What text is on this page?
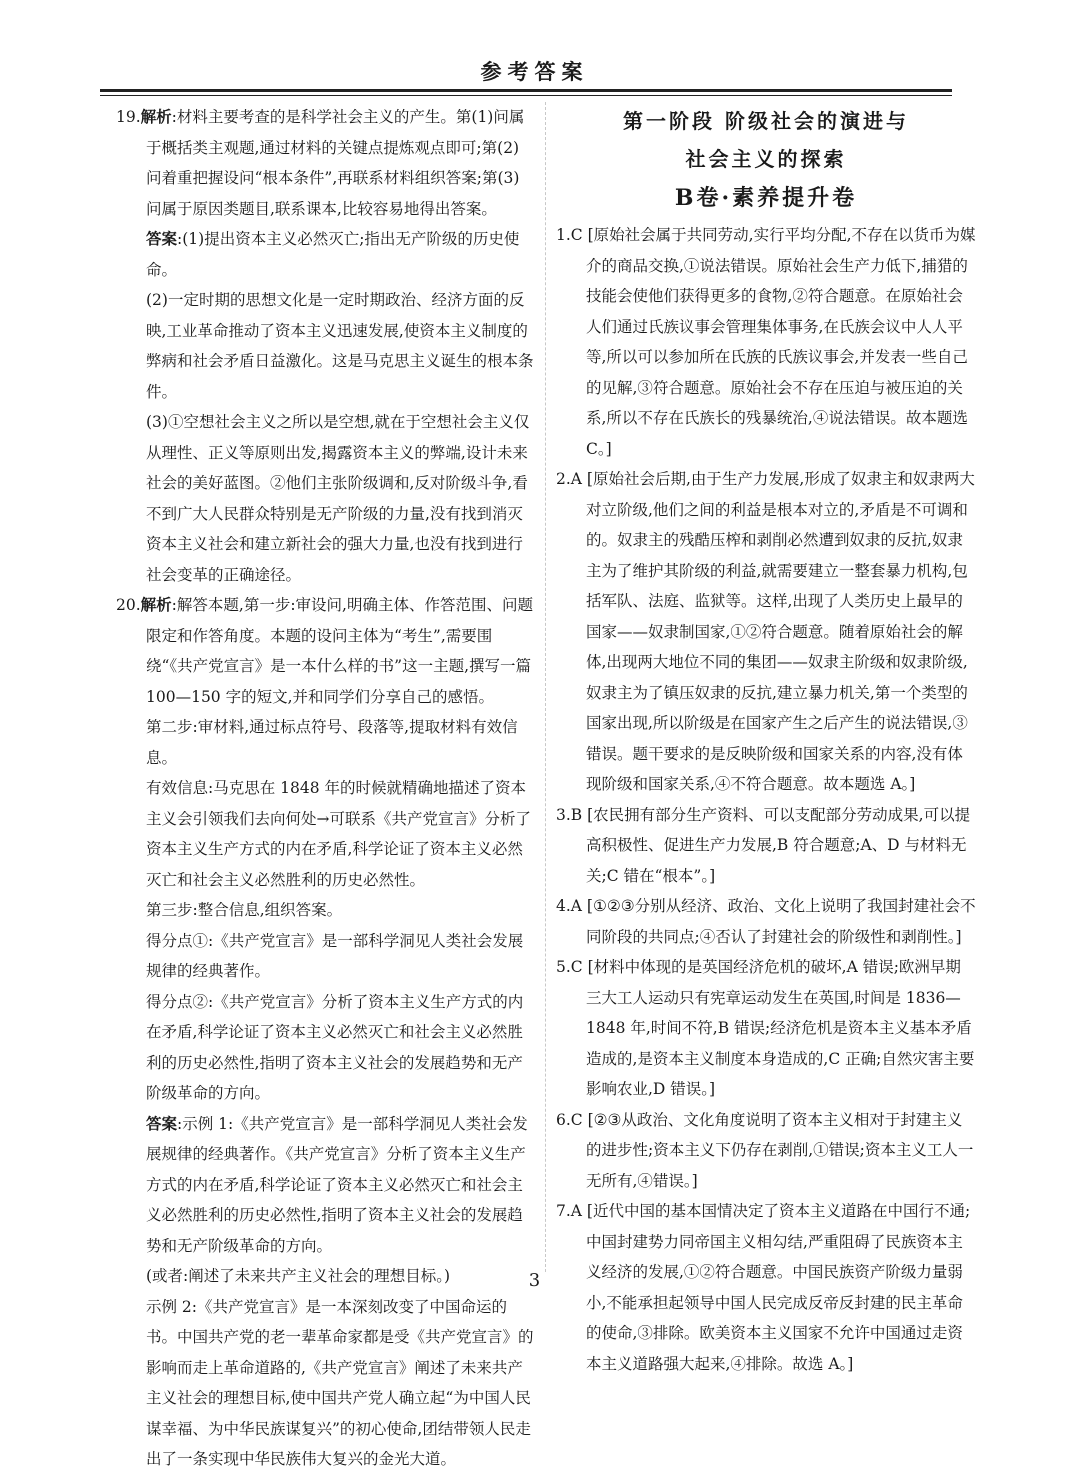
参考答案

19.解析:材料主要考查的是科学社会主义的产生。第(1)问属于概括类主观题,通过材料的关键点提炼观点即可;第(2)问着重把握设问“根本条件”,再联系材料组织答案;第(3)问属于原因类题目,联系课本,比较容易地得出答案。

答案:(1)提出资本主义必然灭亡;指出无产阶级的历史使命。

(2)一定时期的思想文化是一定时期政治、经济方面的反映,工业革命推动了资本主义迅速发展,使资本主义制度的弊病和社会矛盾日益激化。这是马克思主义诞生的根本条件。

(3)①空想社会主义之所以是空想,就在于空想社会主义仅从理性、正义等原则出发,揭露资本主义的弊端,设计未来社会的美好蓝图。②他们主张阶级调和,反对阶级斗争,看不到广大人民群众特别是无产阶级的力量,没有找到消灭资本主义社会和建立新社会的强大力量,也没有找到进行社会变革的正确途径。

20.解析:解答本题,第一步:审设问,明确主体、作答范围、问题限定和作答角度。本题的设问主体为“考生”,需要围绕“《共产党宣言》是一本什么样的书”这一主题,撰写一篇 100—150 字的短文,并和同学们分享自己的感悟。

第二步:审材料,通过标点符号、段落等,提取材料有效信息。

有效信息:马克思在 1848 年的时候就精确地描述了资本主义会引领我们去向何处→可联系《共产党宣言》分析了资本主义生产方式的内在矛盾,科学论证了资本主义必然灭亡和社会主义必然胜利的历史必然性。

第三步:整合信息,组织答案。

得分点①:《共产党宣言》是一部科学洞见人类社会发展规律的经典著作。

得分点②:《共产党宣言》分析了资本主义生产方式的内在矛盾,科学论证了资本主义必然灭亡和社会主义必然胜利的历史必然性,指明了资本主义社会的发展趋势和无产阶级革命的方向。

答案:示例 1:《共产党宣言》是一部科学洞见人类社会发展规律的经典著作。《共产党宣言》分析了资本主义生产方式的内在矛盾,科学论证了资本主义必然灭亡和社会主义必然胜利的历史必然性,指明了资本主义社会的发展趋势和无产阶级革命的方向。

(或者:阐述了未来共产主义社会的理想目标。)

示例 2:《共产党宣言》是一本深刻改变了中国命运的书。中国共产党的老一辈革命家都是受《共产党宣言》的影响而走上革命道路的,《共产党宣言》阐述了未来共产主义社会的理想目标,使中国共产党人确立起“为中国人民谋幸福、为中华民族谋复兴”的初心使命,团结带领人民走出了一条实现中华民族伟大复兴的金光大道。

第一阶段 阶级社会的演进与
社会主义的探索
B卷·素养提升卷

1.C [原始社会属于共同劳动,实行平均分配,不存在以货币为媒介的商品交换,①说法错误。原始社会生产力低下,捕猎的技能会使他们获得更多的食物,②符合题意。在原始社会人们通过氏族议事会管理集体事务,在氏族会议中人人平等,所以可以参加所在氏族的氏族议事会,并发表一些自己的见解,③符合题意。原始社会不存在压迫与被压迫的关系,所以不存在氏族长的残暴统治,④说法错误。故本题选 C。]

2.A [原始社会后期,由于生产力发展,形成了奴隶主和奴隶两大对立阶级,他们之间的利益是根本对立的,矛盾是不可调和的。奴隶主的残酷压榨和剥削必然遭到奴隶的反抗,奴隶主为了维护其阶级的利益,就需要建立一整套暴力机构,包括军队、法庭、监狱等。这样,出现了人类历史上最早的国家——奴隶制国家,①②符合题意。随着原始社会的解体,出现两大地位不同的集团——奴隶主阶级和奴隶阶级,奴隶主为了镇压奴隶的反抗,建立暴力机关,第一个类型的国家出现,所以阶级是在国家产生之后产生的说法错误,③错误。题干要求的是反映阶级和国家关系的内容,没有体现阶级和国家关系,④不符合题意。故本题选 A。]

3.B [农民拥有部分生产资料、可以支配部分劳动成果,可以提高积极性、促进生产力发展,B 符合题意;A、D 与材料无关;C 错在“根本”。]

4.A [①②③分别从经济、政治、文化上说明了我国封建社会不同阶段的共同点;④否认了封建社会的阶级性和剥削性。]

5.C [材料中体现的是英国经济危机的破坏,A 错误;欧洲早期三大工人运动只有宪章运动发生在英国,时间是 1836—1848 年,时间不符,B 错误;经济危机是资本主义基本矛盾造成的,是资本主义制度本身造成的,C 正确;自然灾害主要影响农业,D 错误。]

6.C [②③从政治、文化角度说明了资本主义相对于封建主义的进步性;资本主义下仍存在剥削,①错误;资本主义工人一无所有,④错误。]

7.A [近代中国的基本国情决定了资本主义道路在中国行不通;中国封建势力同帝国主义相勾结,严重阻碍了民族资本主义经济的发展,①②符合题意。中国民族资产阶级力量弱小,不能承担起领导中国人民完成反帝反封建的民主革命的使命,③排除。欧美资本主义国家不允许中国通过走资本主义道路强大起来,④排除。故选 A。]

3
